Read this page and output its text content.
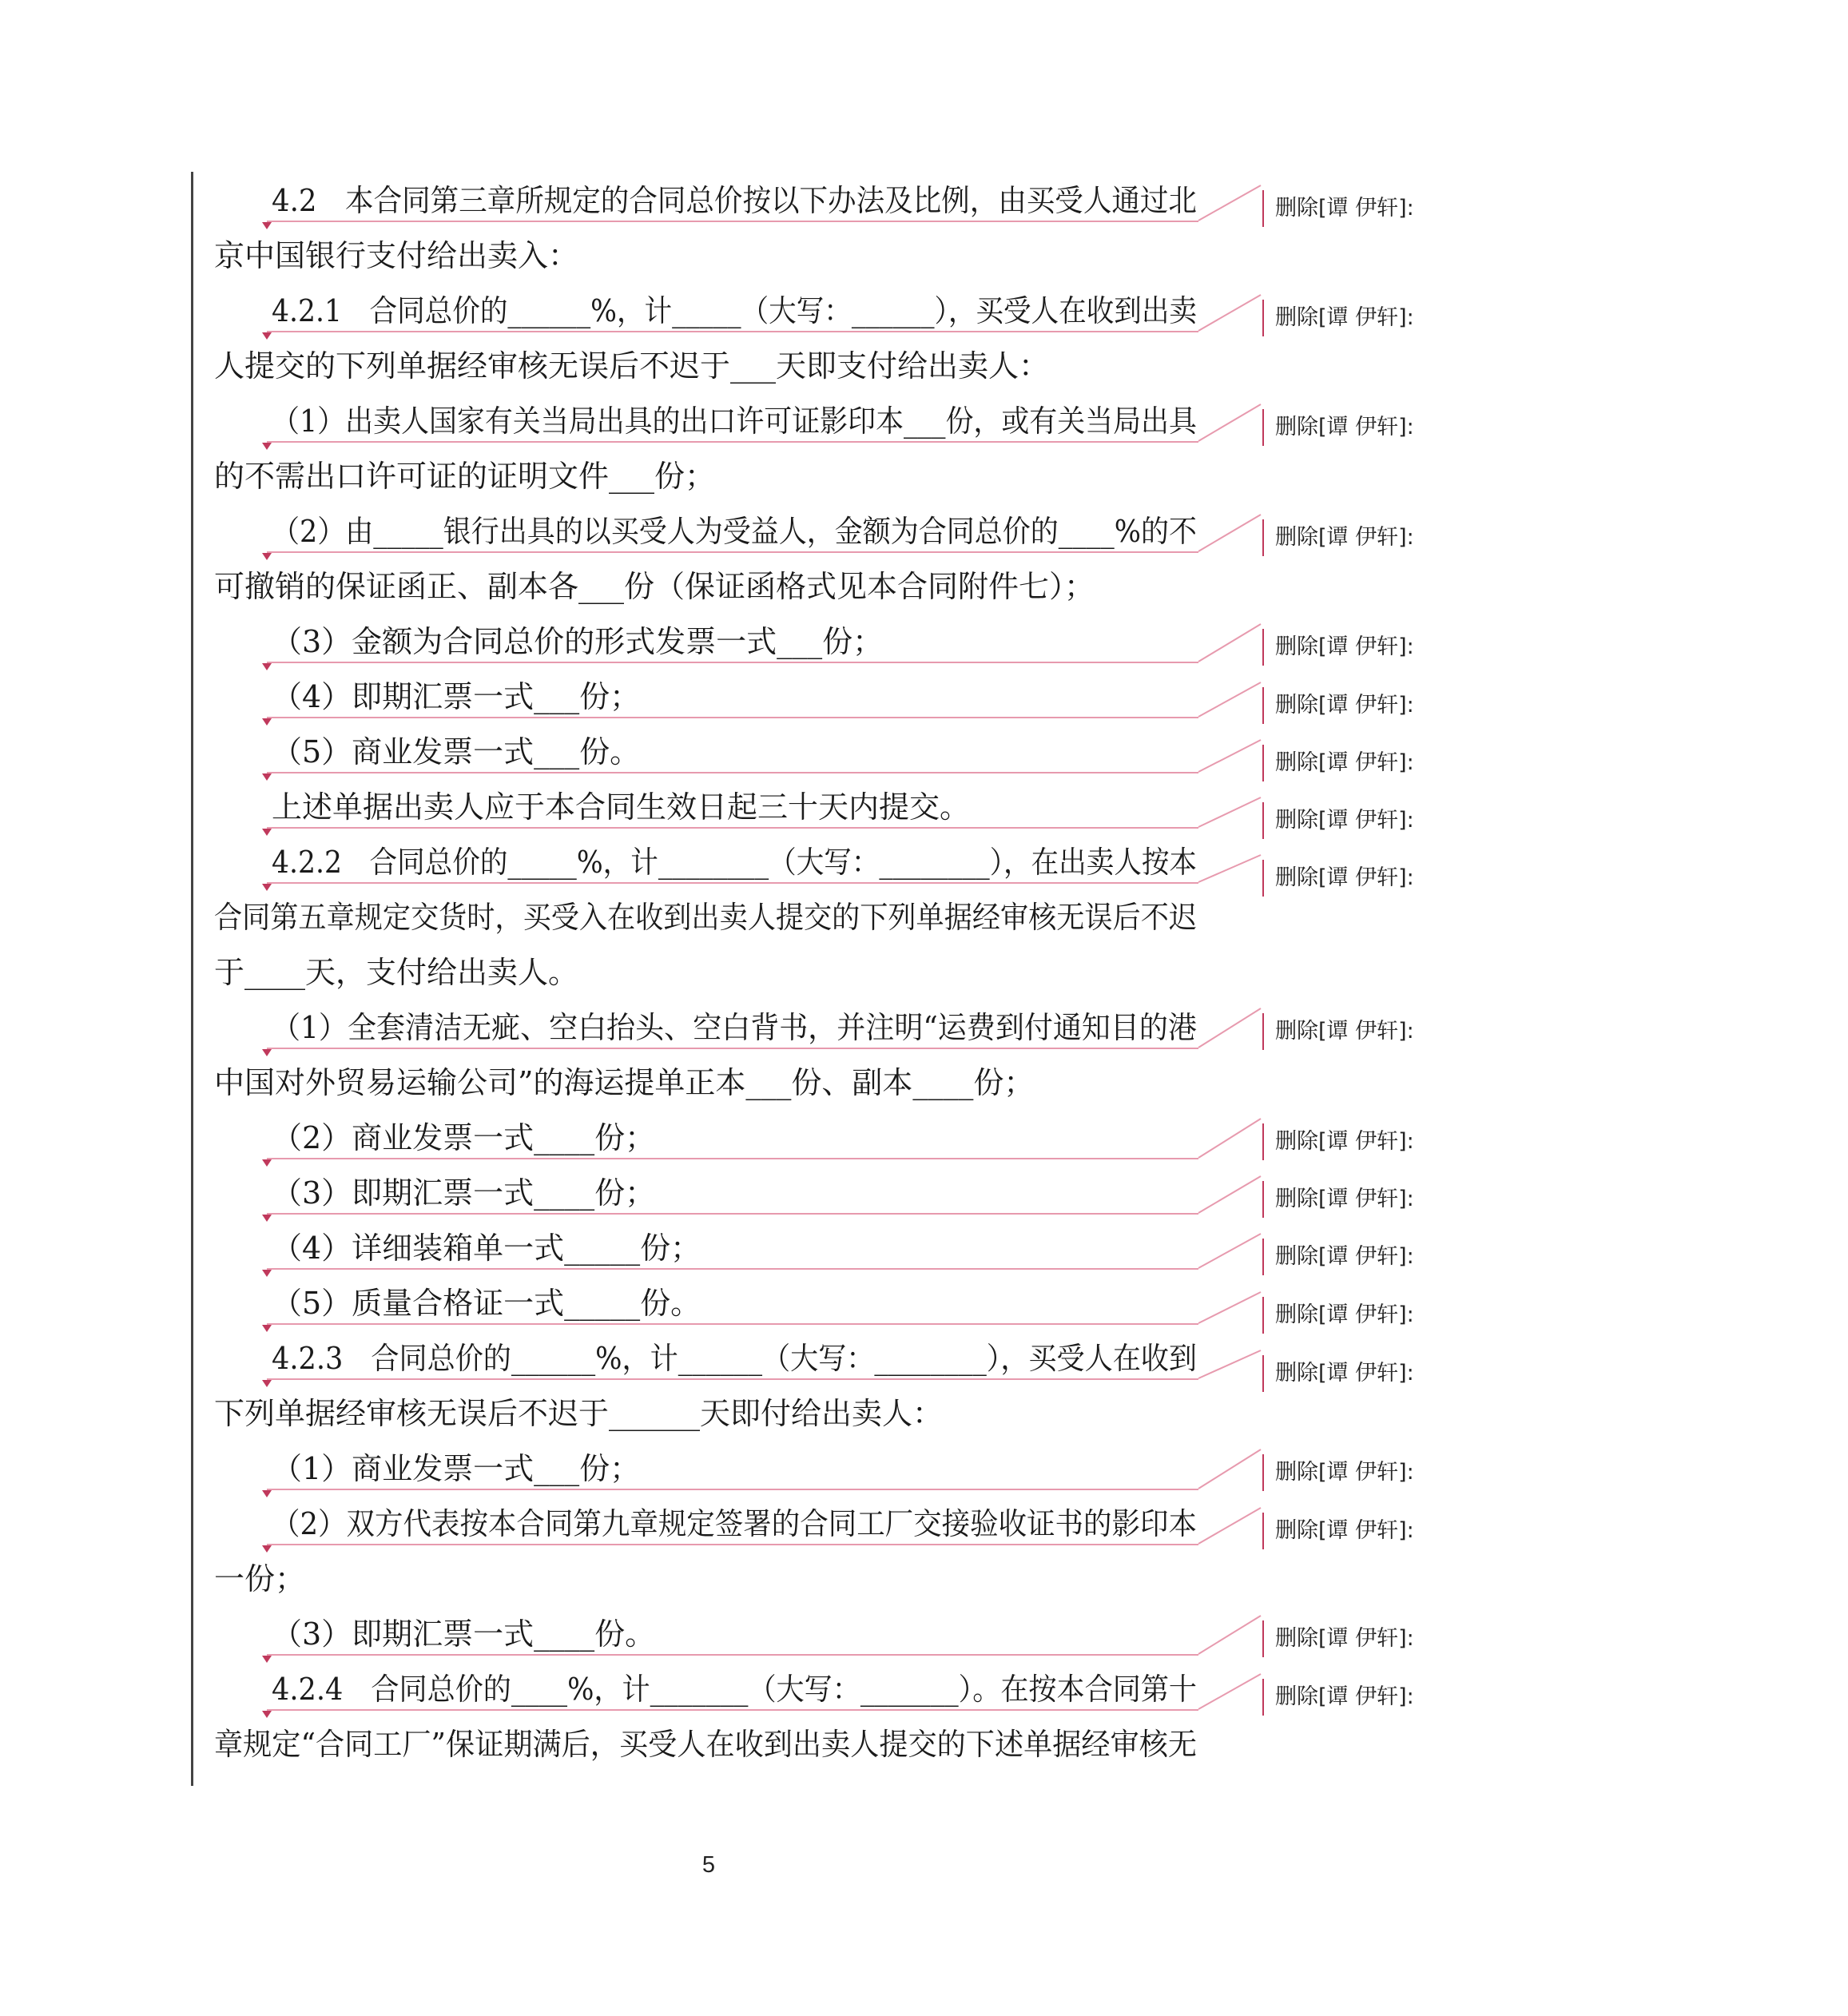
4.2　本合同第三章所规定的合同总价按以下办法及比例，由买受人通过北
京中国银行支付给出卖入：
4.2.1　合同总价的______%，计_____（大写：______），买受人在收到出卖
人提交的下列单据经审核无误后不迟于___天即支付给出卖人：
（1）出卖人国家有关当局出具的出口许可证影印本___份，或有关当局出具
的不需出口许可证的证明文件___份；
（2）由_____银行出具的以买受人为受益人，金额为合同总价的____%的不
可撤销的保证函正、副本各___份（保证函格式见本合同附件七）；
（3）金额为合同总价的形式发票一式___份；
（4）即期汇票一式___份；
（5）商业发票一式___份。
上述单据出卖人应于本合同生效日起三十天内提交。
4.2.2　合同总价的_____%，计________（大写：________），在出卖人按本
合同第五章规定交货时，买受入在收到出卖人提交的下列单据经审核无误后不迟
于____天，支付给出卖人。
（1）全套清洁无疵、空白抬头、空白背书，并注明“运费到付通知目的港
中国对外贸易运输公司”的海运提单正本___份、副本____份；
（2）商业发票一式____份；
（3）即期汇票一式____份；
（4）详细装箱单一式_____份；
（5）质量合格证一式_____份。
4.2.3　合同总价的______%，计______（大写：________），买受人在收到
下列单据经审核无误后不迟于______天即付给出卖人：
（1）商业发票一式___份；
（2）双方代表按本合同第九章规定签署的合同工厂交接验收证书的影印本
一份；
（3）即期汇票一式____份。
4.2.4　合同总价的____%，计_______（大写：_______）。在按本合同第十
章规定“合同工厂”保证期满后，买受人在收到出卖人提交的下述单据经审核无
删除[谭 伊轩]:
删除[谭 伊轩]:
删除[谭 伊轩]:
删除[谭 伊轩]:
删除[谭 伊轩]:
删除[谭 伊轩]:
删除[谭 伊轩]:
删除[谭 伊轩]:
删除[谭 伊轩]:
删除[谭 伊轩]:
删除[谭 伊轩]:
删除[谭 伊轩]:
删除[谭 伊轩]:
删除[谭 伊轩]:
删除[谭 伊轩]:
删除[谭 伊轩]:
删除[谭 伊轩]:
删除[谭 伊轩]:
删除[谭 伊轩]:
5
